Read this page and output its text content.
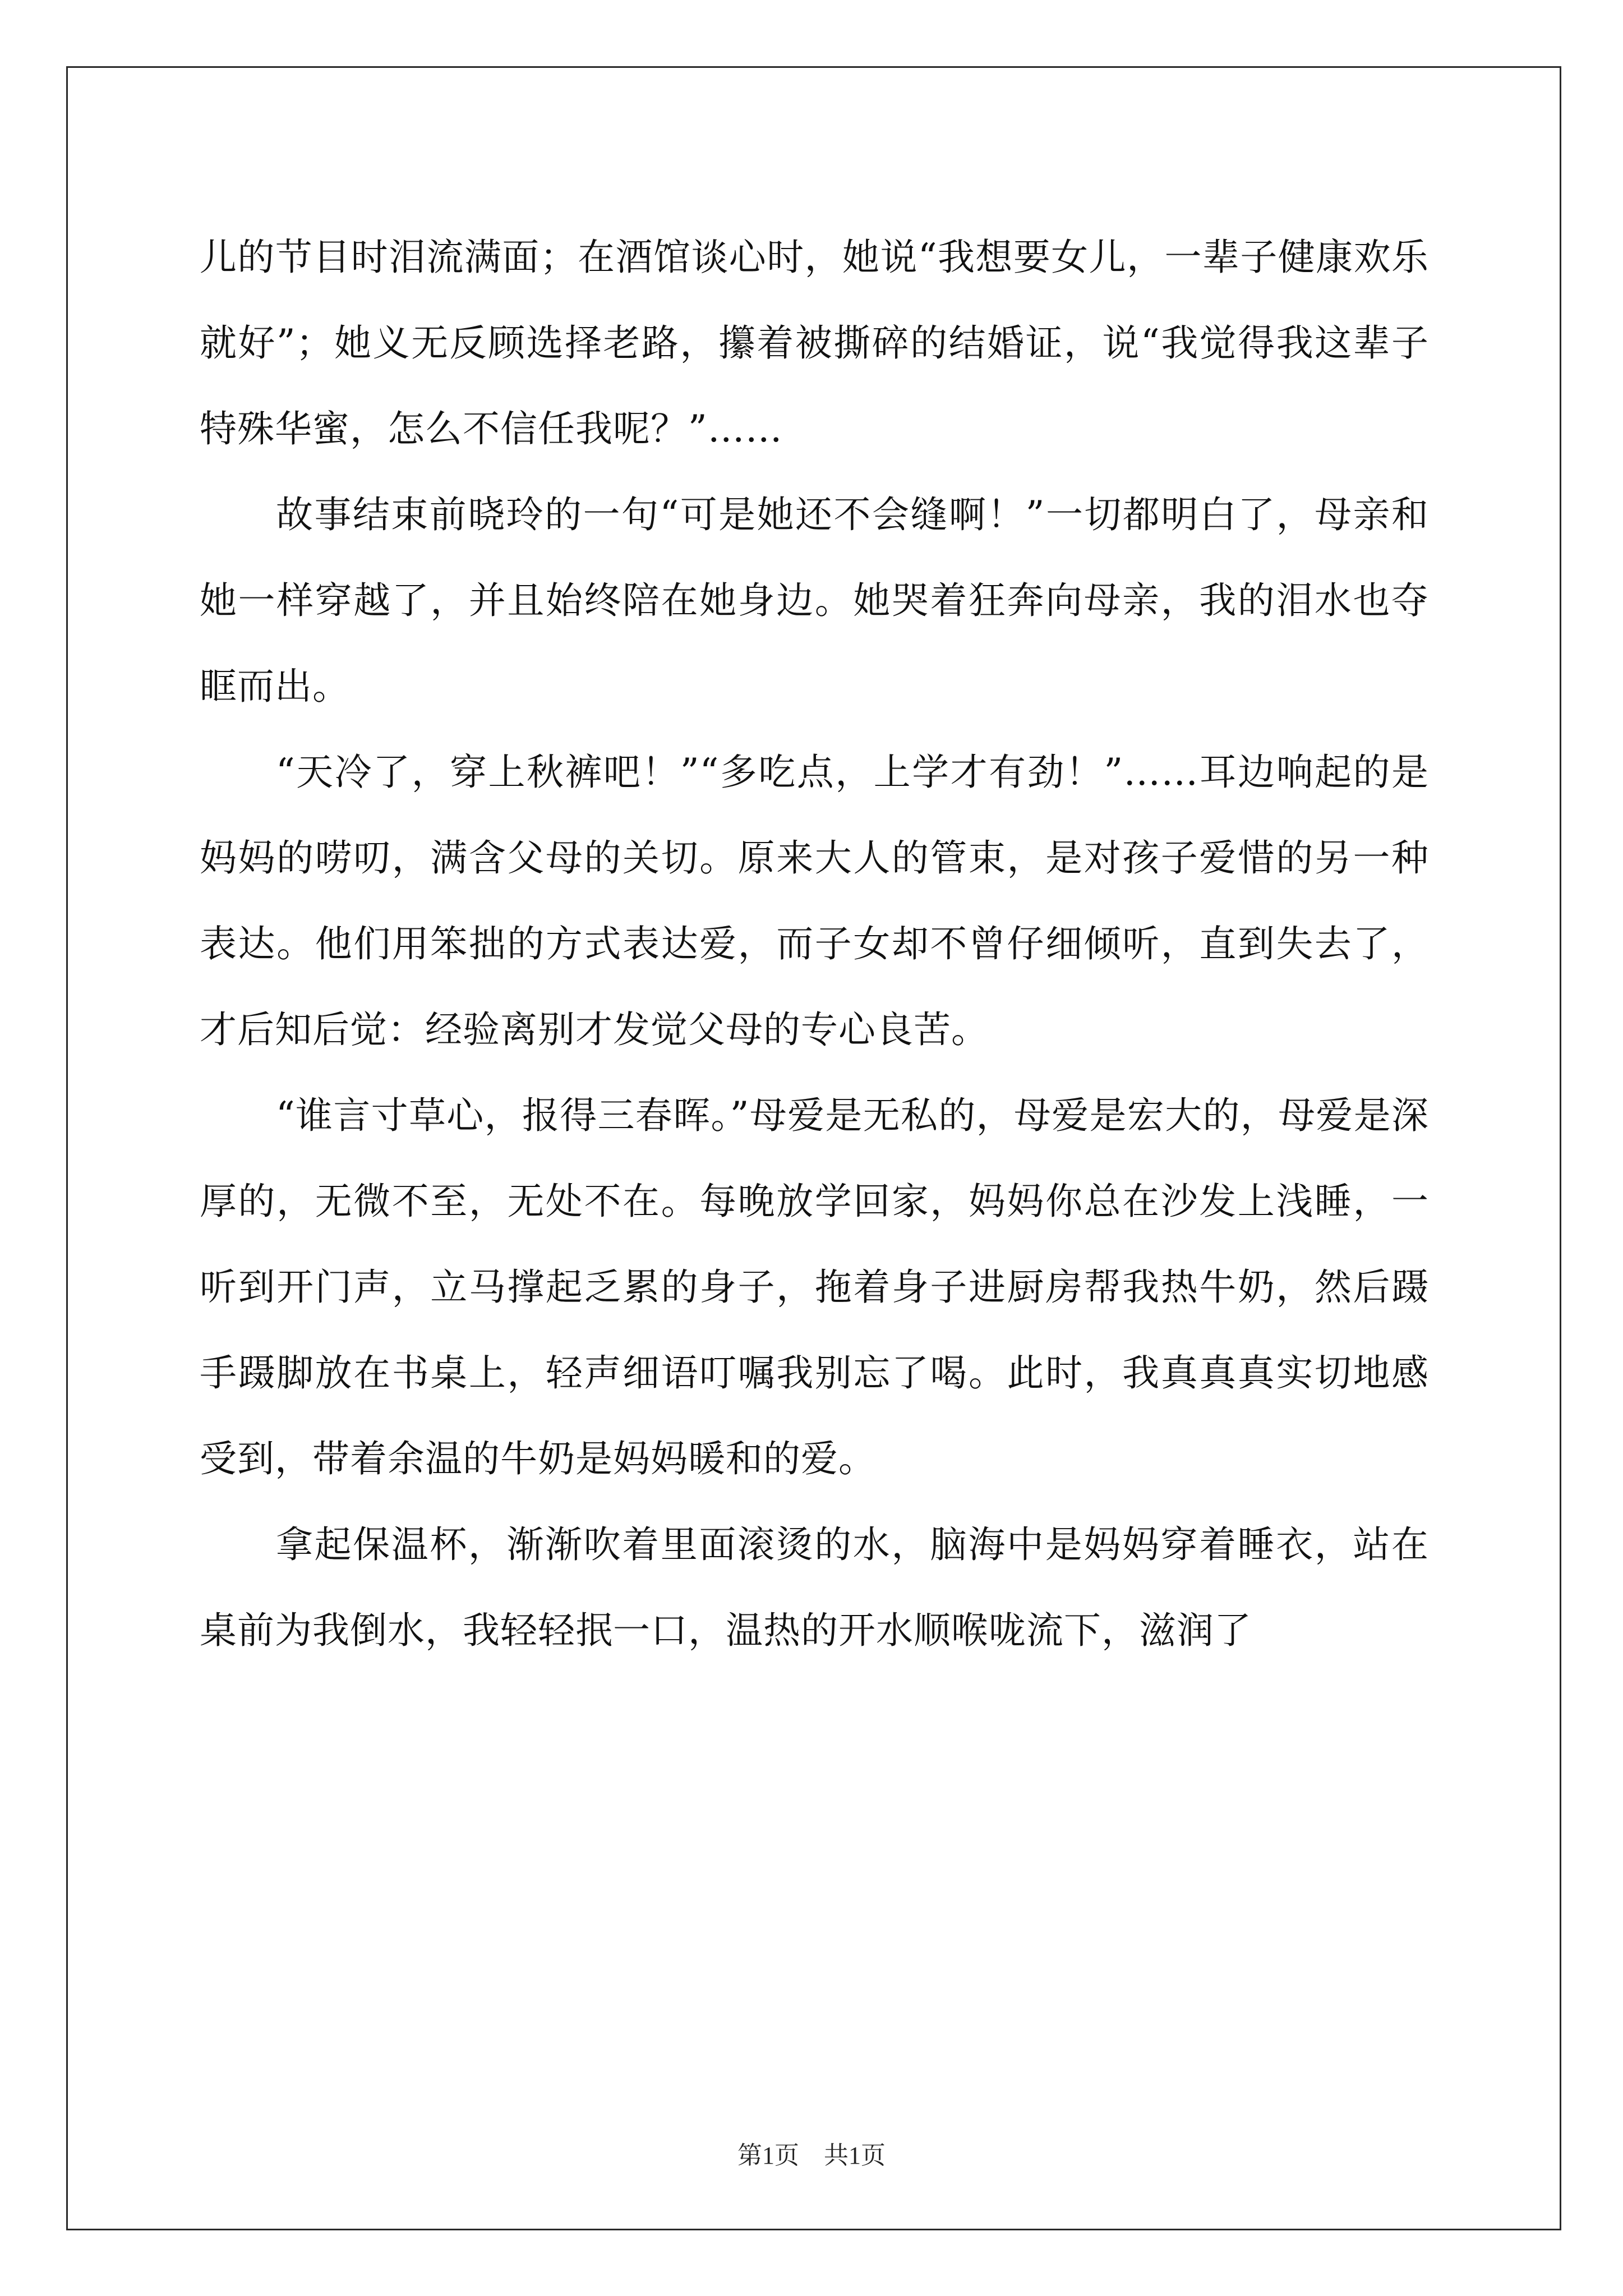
儿的节目时泪流满面；在酒馆谈心时，她说“我想要女儿，一辈子健康欢乐就好”；她义无反顾选择老路，攥着被撕碎的结婚证，说“我觉得我这辈子特殊华蜜，怎么不信任我呢？”……

故事结束前晓玲的一句“可是她还不会缝啊！”一切都明白了，母亲和她一样穿越了，并且始终陪在她身边。她哭着狂奔向母亲，我的泪水也夺眶而出。

“天冷了，穿上秋裤吧！”“多吃点，上学才有劲！”……耳边响起的是妈妈的唠叨，满含父母的关切。原来大人的管束，是对孩子爱惜的另一种表达。他们用笨拙的方式表达爱，而子女却不曾仔细倾听，直到失去了，才后知后觉：经验离别才发觉父母的专心良苦。

“谁言寸草心，报得三春晖。”母爱是无私的，母爱是宏大的，母爱是深厚的，无微不至，无处不在。每晚放学回家，妈妈你总在沙发上浅睡，一听到开门声，立马撑起乏累的身子，拖着身子进厨房帮我热牛奶，然后蹑手蹑脚放在书桌上，轻声细语叮嘱我别忘了喝。此时，我真真真实切地感受到，带着余温的牛奶是妈妈暖和的爱。

拿起保温杯，渐渐吹着里面滚烫的水，脑海中是妈妈穿着睡衣，站在桌前为我倒水，我轻轻抿一口，温热的开水顺喉咙流下，滋润了

第1页 共1页
